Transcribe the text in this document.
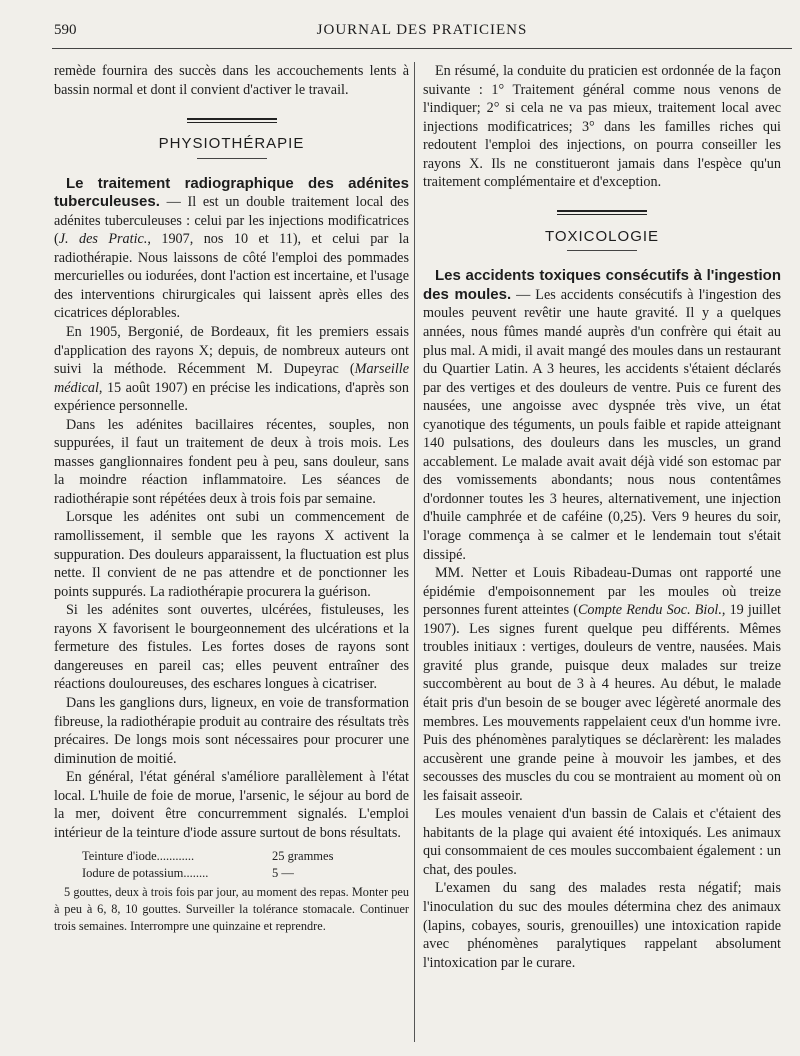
590	JOURNAL DES PRATICIENS

remède fournira des succès dans les accouchements lents à bassin normal et dont il convient d'activer le travail.

PHYSIOTHÉRAPIE

Le traitement radiographique des adénites tuberculeuses. — Il est un double traitement local des adénites tuberculeuses : celui par les injections modificatrices (J. des Pratic., 1907, nos 10 et 11), et celui par la radiothérapie. Nous laissons de côté l'emploi des pommades mercurielles ou iodurées, dont l'action est incertaine, et l'usage des interventions chirurgicales qui laissent après elles des cicatrices déplorables.

En 1905, Bergonié, de Bordeaux, fit les premiers essais d'application des rayons X; depuis, de nombreux auteurs ont suivi la méthode. Récemment M. Dupeyrac (Marseille médical, 15 août 1907) en précise les indications, d'après son expérience personnelle.

Dans les adénites bacillaires récentes, souples, non suppurées, il faut un traitement de deux à trois mois. Les masses ganglionnaires fondent peu à peu, sans douleur, sans la moindre réaction inflammatoire. Les séances de radiothérapie sont répétées deux à trois fois par semaine.

Lorsque les adénites ont subi un commencement de ramollissement, il semble que les rayons X activent la suppuration. Des douleurs apparaissent, la fluctuation est plus nette. Il convient de ne pas attendre et de ponctionner les points suppurés. La radiothérapie procurera la guérison.

Si les adénites sont ouvertes, ulcérées, fistuleuses, les rayons X favorisent le bourgeonnement des ulcérations et la fermeture des fistules. Les fortes doses de rayons sont dangereuses en pareil cas; elles peuvent entraîner des réactions douloureuses, des eschares longues à cicatriser.

Dans les ganglions durs, ligneux, en voie de transformation fibreuse, la radiothérapie produit au contraire des résultats très précaires. De longs mois sont nécessaires pour procurer une diminution de moitié.

En général, l'état général s'améliore parallèlement à l'état local. L'huile de foie de morue, l'arsenic, le séjour au bord de la mer, doivent être concurremment signalés. L'emploi intérieur de la teinture d'iode assure surtout de bons résultats.

Teinture d'iode............	25 grammes
Iodure de potassium........	5 —

5 gouttes, deux à trois fois par jour, au moment des repas. Monter peu à peu à 6, 8, 10 gouttes. Surveiller la tolérance stomacale. Continuer trois semaines. Interrompre une quinzaine et reprendre.

En résumé, la conduite du praticien est ordonnée de la façon suivante : 1° Traitement général comme nous venons de l'indiquer; 2° si cela ne va pas mieux, traitement local avec injections modificatrices; 3° dans les familles riches qui redoutent l'emploi des injections, on pourra conseiller les rayons X. Ils ne constitueront jamais dans l'espèce qu'un traitement complémentaire et d'exception.

TOXICOLOGIE

Les accidents toxiques consécutifs à l'ingestion des moules. — Les accidents consécutifs à l'ingestion des moules peuvent revêtir une haute gravité. Il y a quelques années, nous fûmes mandé auprès d'un confrère qui était au plus mal. A midi, il avait mangé des moules dans un restaurant du Quartier Latin. A 3 heures, les accidents s'étaient déclarés par des vertiges et des douleurs de ventre. Puis ce furent des nausées, une angoisse avec dyspnée très vive, un état cyanotique des téguments, un pouls faible et rapide atteignant 140 pulsations, des douleurs dans les muscles, un grand accablement. Le malade avait avait déjà vidé son estomac par des vomissements abondants; nous nous contentâmes d'ordonner toutes les 3 heures, alternativement, une injection d'huile camphrée et de caféine (0,25). Vers 9 heures du soir, l'orage commença à se calmer et le lendemain tout s'était dissipé.

MM. Netter et Louis Ribadeau-Dumas ont rapporté une épidémie d'empoisonnement par les moules où treize personnes furent atteintes (Compte Rendu Soc. Biol., 19 juillet 1907). Les signes furent quelque peu différents. Mêmes troubles initiaux : vertiges, douleurs de ventre, nausées. Mais gravité plus grande, puisque deux malades sur treize succombèrent au bout de 3 à 4 heures. Au début, le malade était pris d'un besoin de se bouger avec légèreté anormale des membres. Les mouvements rappelaient ceux d'un homme ivre. Puis des phénomènes paralytiques se déclarèrent: les malades accusèrent une grande peine à mouvoir les jambes, et des secousses des muscles du cou se montraient au moment où on les faisait asseoir.

Les moules venaient d'un bassin de Calais et c'étaient des habitants de la plage qui avaient été intoxiqués. Les animaux qui consommaient de ces moules succombaient également : un chat, des poules.

L'examen du sang des malades resta négatif; mais l'inoculation du suc des moules détermina chez des animaux (lapins, cobayes, souris, grenouilles) une intoxication rapide avec phénomènes paralytiques rappelant absolument l'intoxication par le curare.
